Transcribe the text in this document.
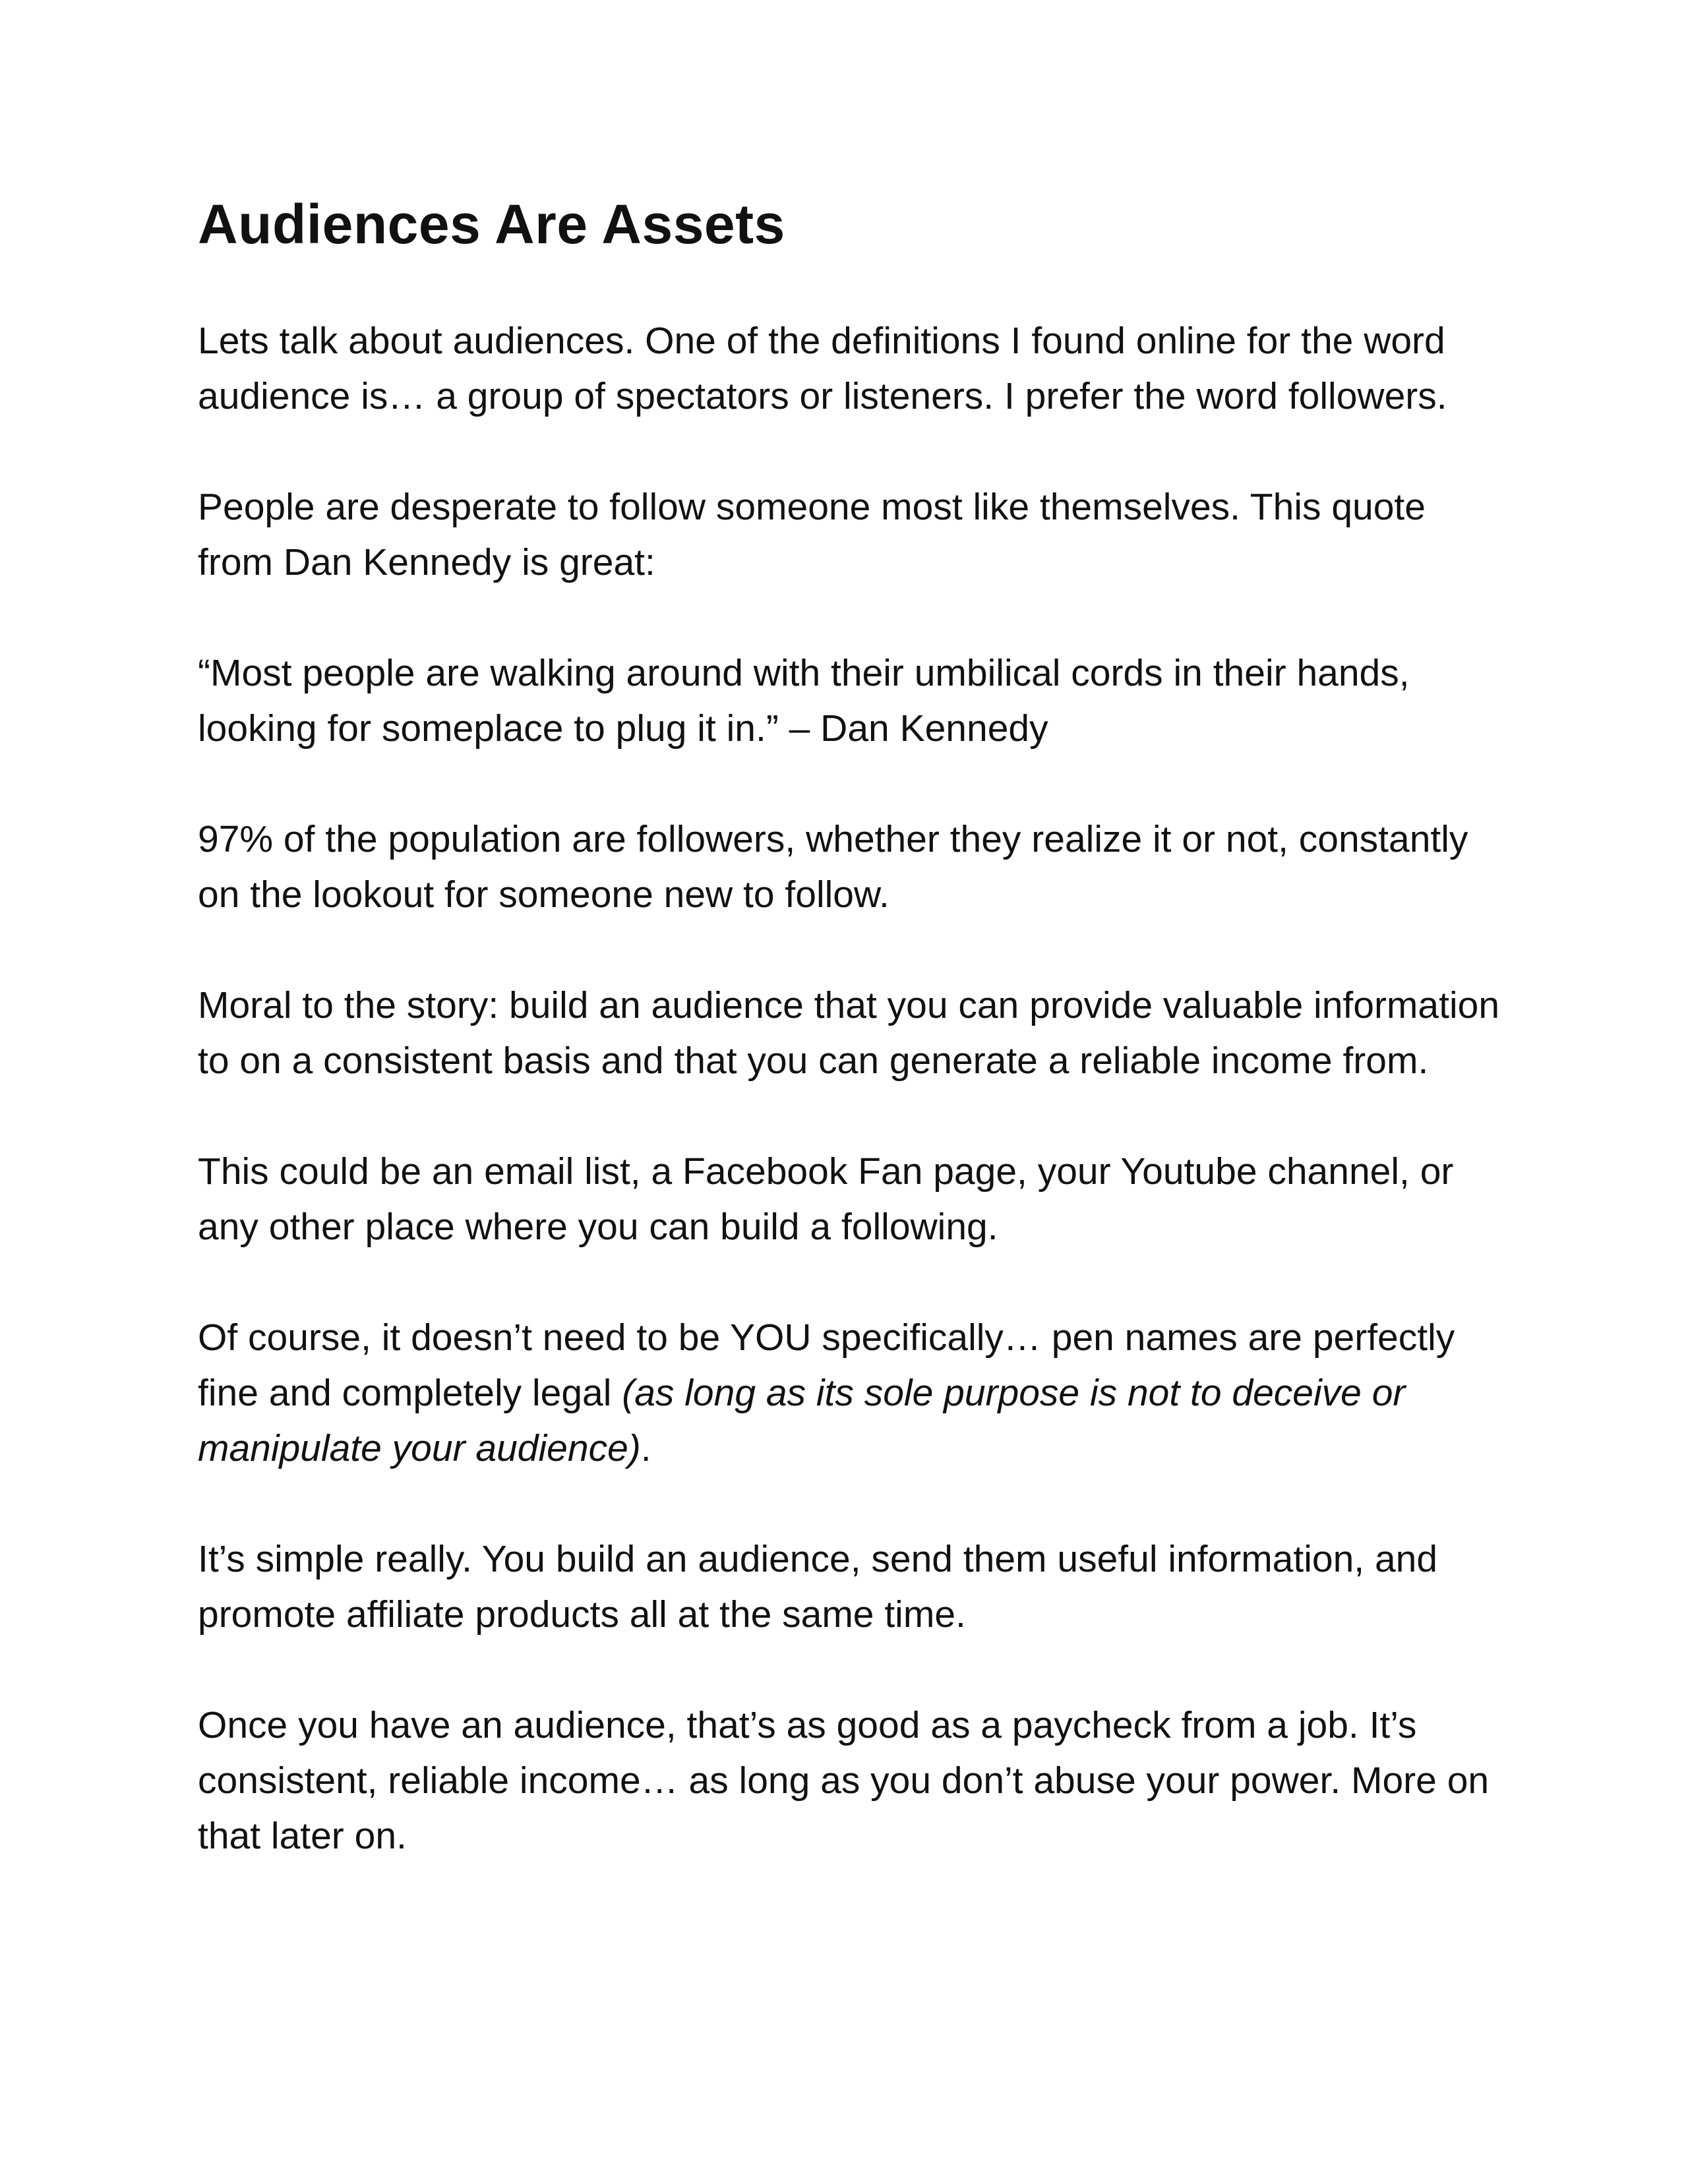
Audiences Are Assets

Lets talk about audiences. One of the definitions I found online for the word audience is… a group of spectators or listeners. I prefer the word followers.

People are desperate to follow someone most like themselves. This quote from Dan Kennedy is great:

“Most people are walking around with their umbilical cords in their hands, looking for someplace to plug it in.” – Dan Kennedy

97% of the population are followers, whether they realize it or not, constantly on the lookout for someone new to follow.

Moral to the story: build an audience that you can provide valuable information to on a consistent basis and that you can generate a reliable income from.

This could be an email list, a Facebook Fan page, your Youtube channel, or any other place where you can build a following.

Of course, it doesn’t need to be YOU specifically… pen names are perfectly fine and completely legal (as long as its sole purpose is not to deceive or manipulate your audience).

It’s simple really. You build an audience, send them useful information, and promote affiliate products all at the same time.

Once you have an audience, that’s as good as a paycheck from a job. It’s consistent, reliable income… as long as you don’t abuse your power. More on that later on.
